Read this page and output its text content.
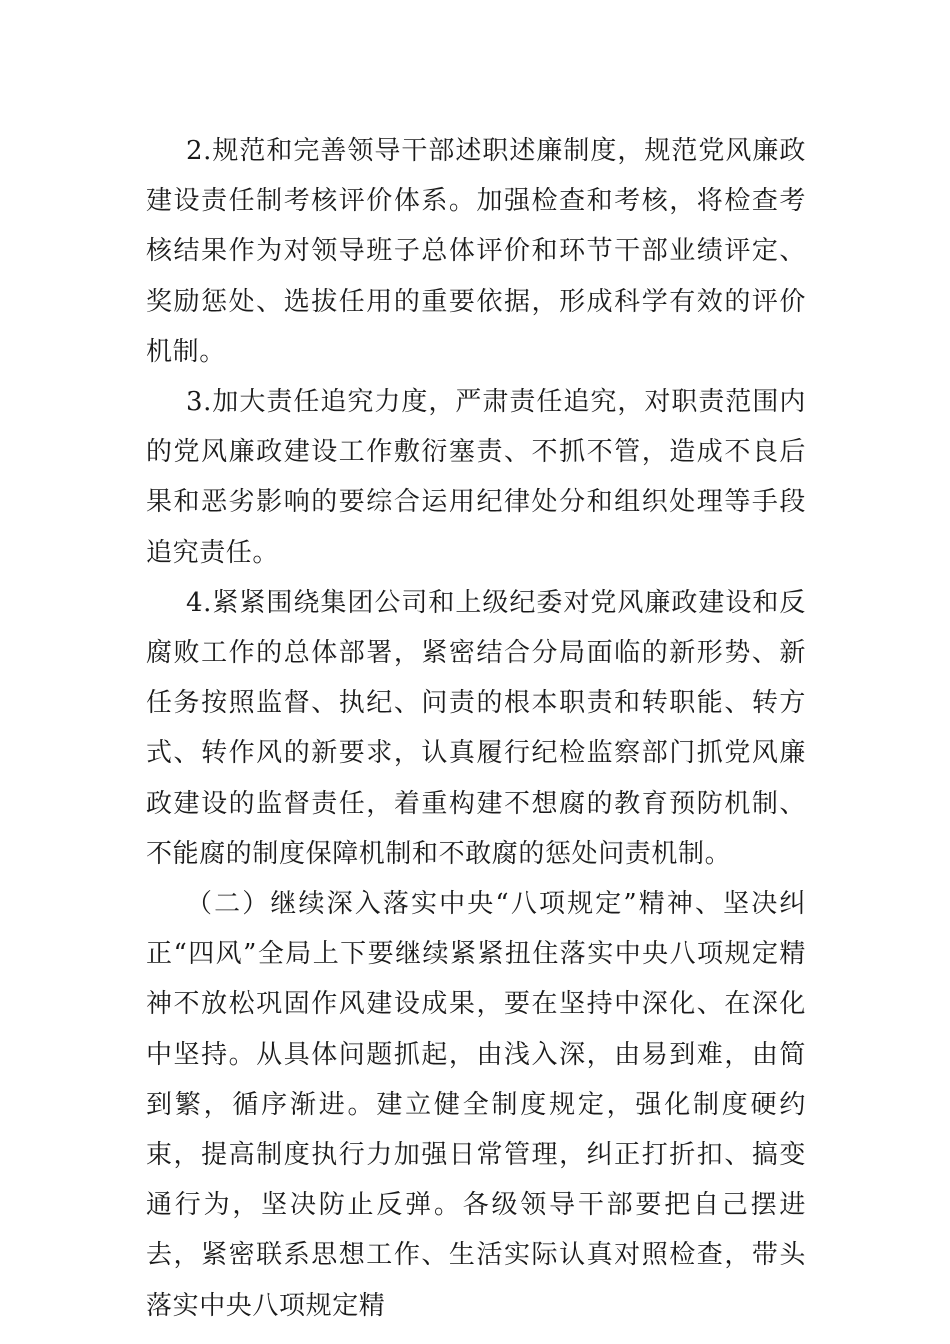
2.规范和完善领导干部述职述廉制度，规范党风廉政建设责任制考核评价体系。加强检查和考核，将检查考核结果作为对领导班子总体评价和环节干部业绩评定、奖励惩处、选拔任用的重要依据，形成科学有效的评价机制。

3.加大责任追究力度，严肃责任追究，对职责范围内的党风廉政建设工作敷衍塞责、不抓不管，造成不良后果和恶劣影响的要综合运用纪律处分和组织处理等手段追究责任。

4.紧紧围绕集团公司和上级纪委对党风廉政建设和反腐败工作的总体部署，紧密结合分局面临的新形势、新任务按照监督、执纪、问责的根本职责和转职能、转方式、转作风的新要求，认真履行纪检监察部门抓党风廉政建设的监督责任，着重构建不想腐的教育预防机制、不能腐的制度保障机制和不敢腐的惩处问责机制。

（二）继续深入落实中央“八项规定”精神、坚决纠正“四风”全局上下要继续紧紧扭住落实中央八项规定精神不放松巩固作风建设成果，要在坚持中深化、在深化中坚持。从具体问题抓起，由浅入深，由易到难，由简到繁，循序渐进。建立健全制度规定，强化制度硬约束，提高制度执行力加强日常管理，纠正打折扣、搞变通行为，坚决防止反弹。各级领导干部要把自己摆进去，紧密联系思想工作、生活实际认真对照检查，带头落实中央八项规定精
